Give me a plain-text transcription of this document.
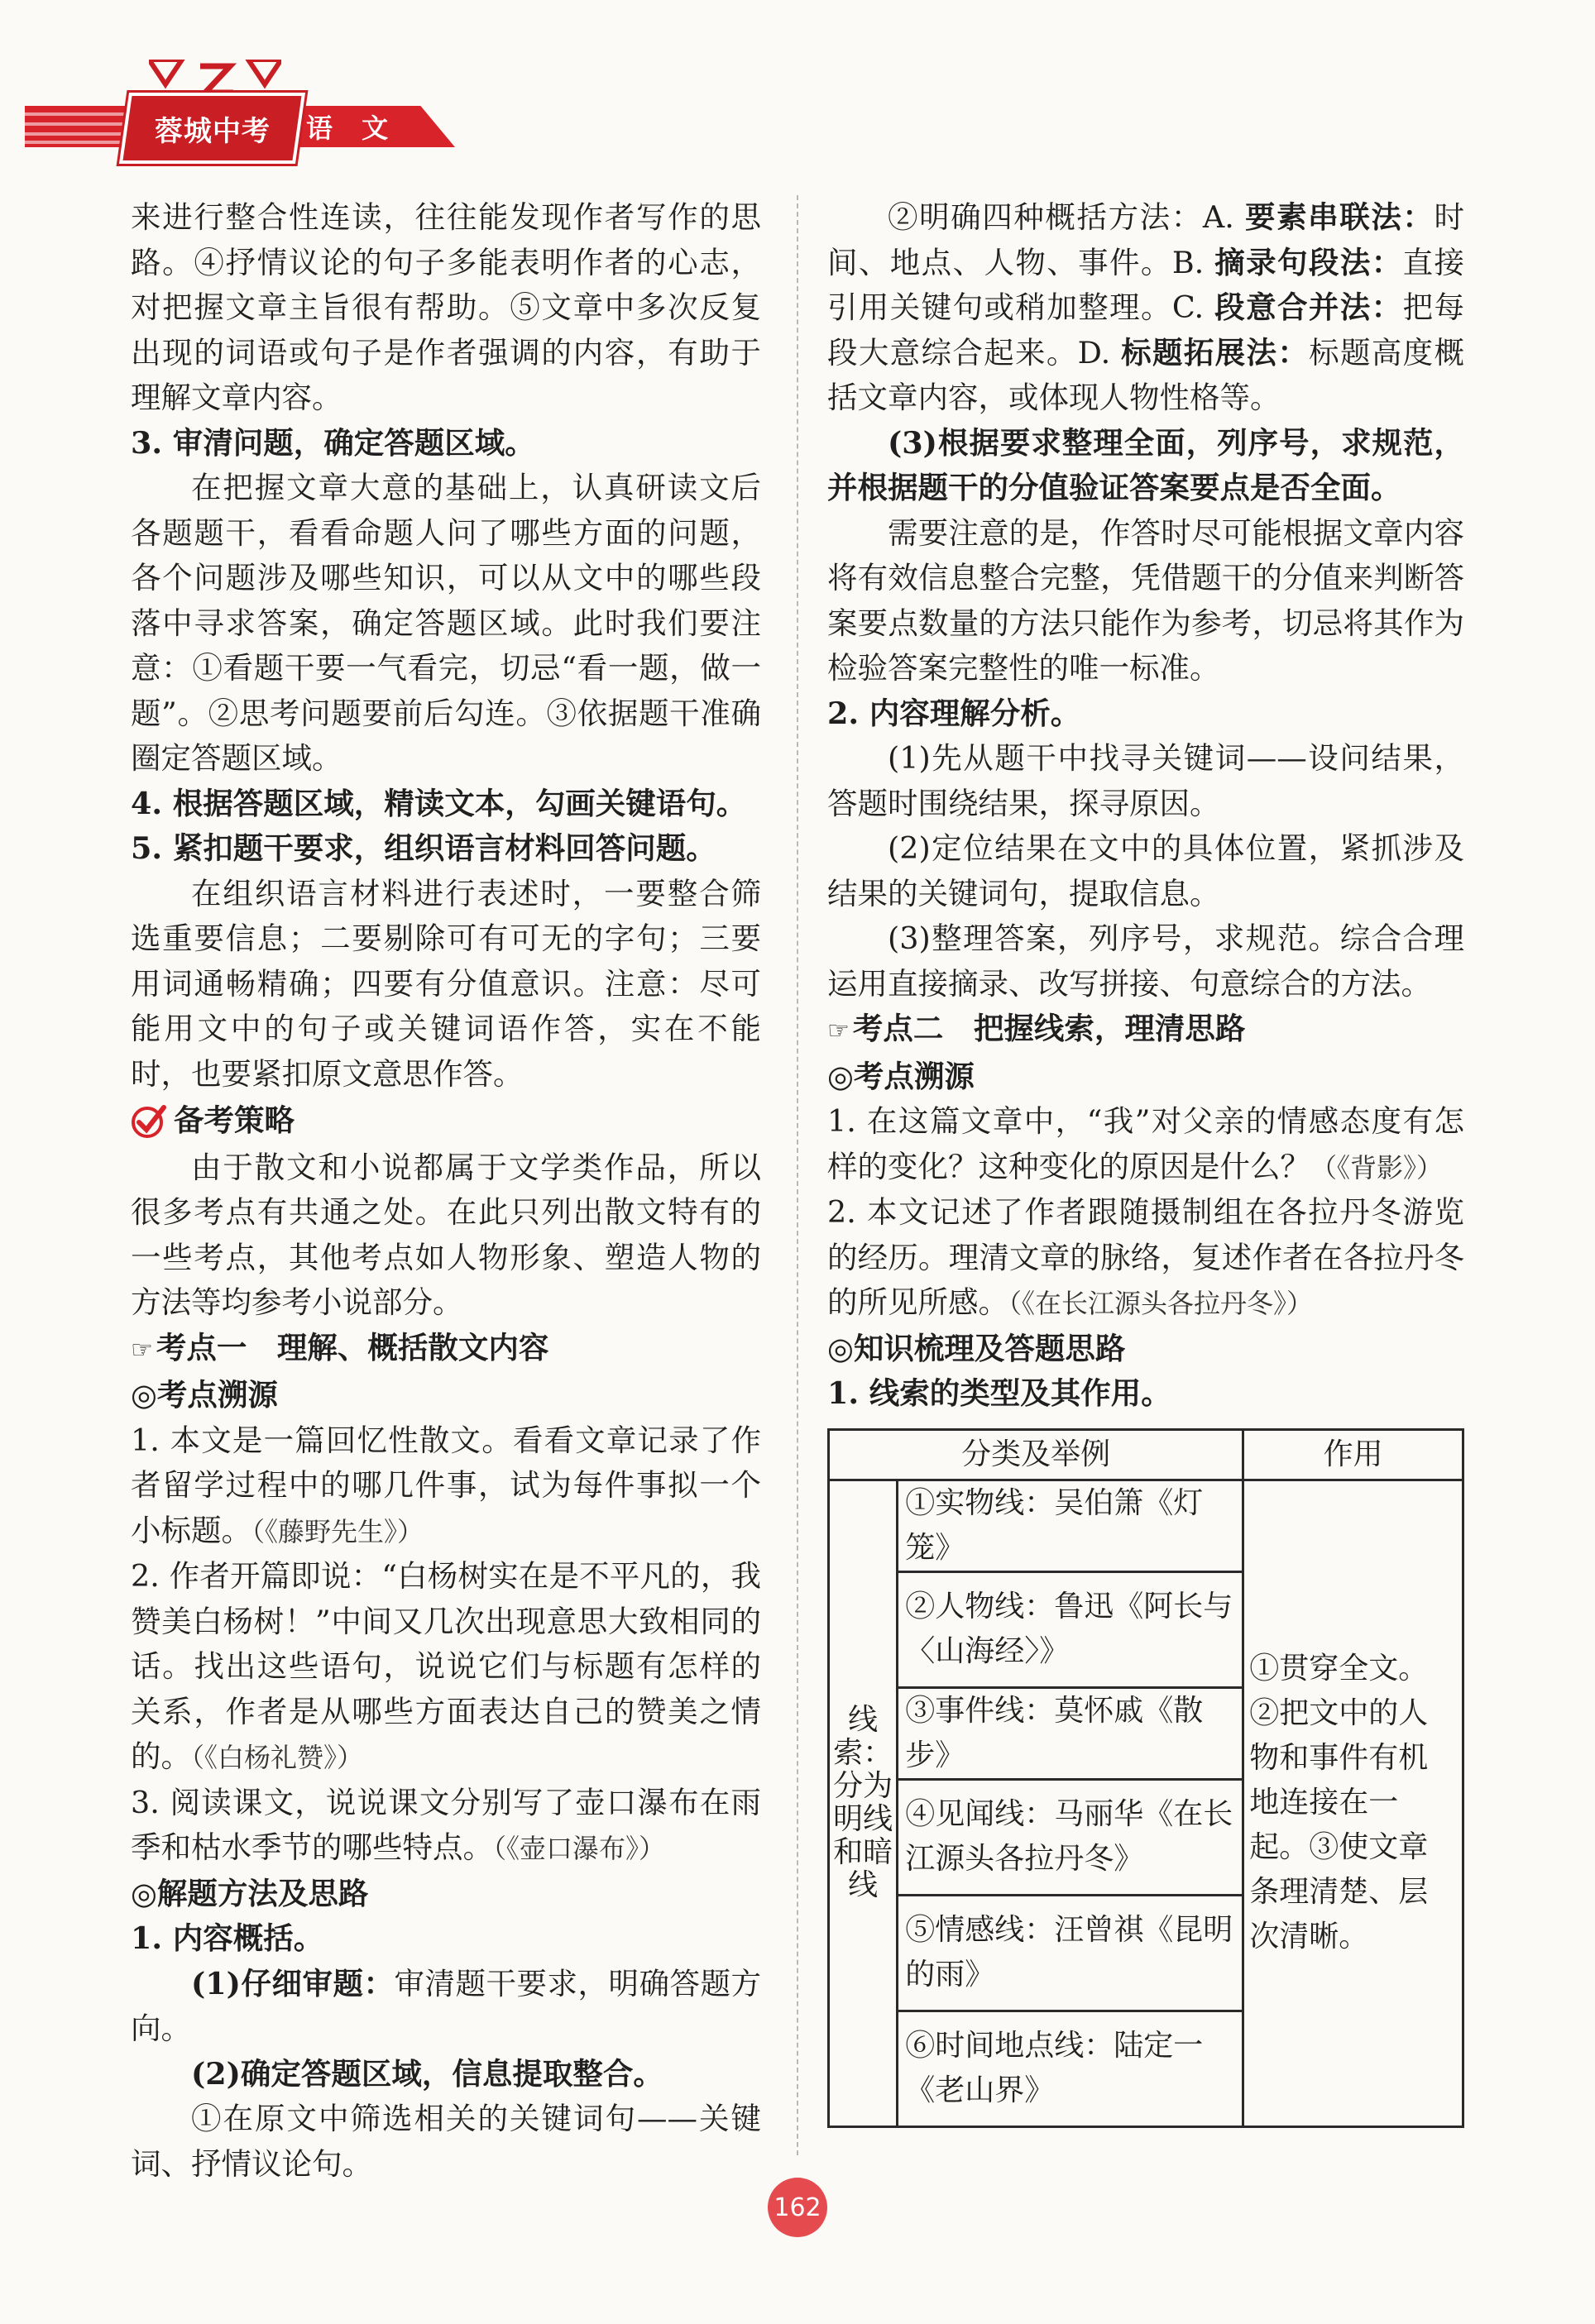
蓉城中考 语 文

来进行整合性连读，往往能发现作者写作的思路。④抒情议论的句子多能表明作者的心志，对把握文章主旨很有帮助。⑤文章中多次反复出现的词语或句子是作者强调的内容，有助于理解文章内容。

3. 审清问题，确定答题区域。

在把握文章大意的基础上，认真研读文后各题题干，看看命题人问了哪些方面的问题，各个问题涉及哪些知识，可以从文中的哪些段落中寻求答案，确定答题区域。此时我们要注意：①看题干要一气看完，切忌“看一题，做一题”。②思考问题要前后勾连。③依据题干准确圈定答题区域。

4. 根据答题区域，精读文本，勾画关键语句。

5. 紧扣题干要求，组织语言材料回答问题。

在组织语言材料进行表述时，一要整合筛选重要信息；二要剔除可有可无的字句；三要用词通畅精确；四要有分值意识。注意：尽可能用文中的句子或关键词语作答，实在不能时，也要紧扣原文意思作答。

备考策略

由于散文和小说都属于文学类作品，所以很多考点有共通之处。在此只列出散文特有的一些考点，其他考点如人物形象、塑造人物的方法等均参考小说部分。

☞ 考点一　理解、概括散文内容

◎考点溯源

1. 本文是一篇回忆性散文。看看文章记录了作者留学过程中的哪几件事，试为每件事拟一个小标题。（《藤野先生》）

2. 作者开篇即说：“白杨树实在是不平凡的，我赞美白杨树！”中间又几次出现意思大致相同的话。找出这些语句，说说它们与标题有怎样的关系，作者是从哪些方面表达自己的赞美之情的。（《白杨礼赞》）

3. 阅读课文，说说课文分别写了壶口瀑布在雨季和枯水季节的哪些特点。（《壶口瀑布》）

◎解题方法及思路

1. 内容概括。

(1)仔细审题：审清题干要求，明确答题方向。

(2)确定答题区域，信息提取整合。

①在原文中筛选相关的关键词句——关键词、抒情议论句。

②明确四种概括方法：A. 要素串联法：时间、地点、人物、事件。B. 摘录句段法：直接引用关键句或稍加整理。C. 段意合并法：把每段大意综合起来。D. 标题拓展法：标题高度概括文章内容，或体现人物性格等。

(3)根据要求整理全面，列序号，求规范，并根据题干的分值验证答案要点是否全面。

需要注意的是，作答时尽可能根据文章内容将有效信息整合完整，凭借题干的分值来判断答案要点数量的方法只能作为参考，切忌将其作为检验答案完整性的唯一标准。

2. 内容理解分析。

(1)先从题干中找寻关键词——设问结果，答题时围绕结果，探寻原因。

(2)定位结果在文中的具体位置，紧抓涉及结果的关键词句，提取信息。

(3)整理答案，列序号，求规范。综合合理运用直接摘录、改写拼接、句意综合的方法。

☞ 考点二　把握线索，理清思路

◎考点溯源

1. 在这篇文章中，“我”对父亲的情感态度有怎样的变化？这种变化的原因是什么？（《背影》）

2. 本文记述了作者跟随摄制组在各拉丹冬游览的经历。理清文章的脉络，复述作者在各拉丹冬的所见所感。（《在长江源头各拉丹冬》）

◎知识梳理及答题思路

1. 线索的类型及其作用。

分类及举例		作用
线索：分为明线和暗线	①实物线：吴伯箫《灯笼》	①贯穿全文。②把文中的人物和事件有机地连接在一起。③使文章条理清楚、层次清晰。
	②人物线：鲁迅《阿长与〈山海经〉》	
	③事件线：莫怀戚《散步》	
	④见闻线：马丽华《在长江源头各拉丹冬》	
	⑤情感线：汪曾祺《昆明的雨》	
	⑥时间地点线：陆定一《老山界》	
162
